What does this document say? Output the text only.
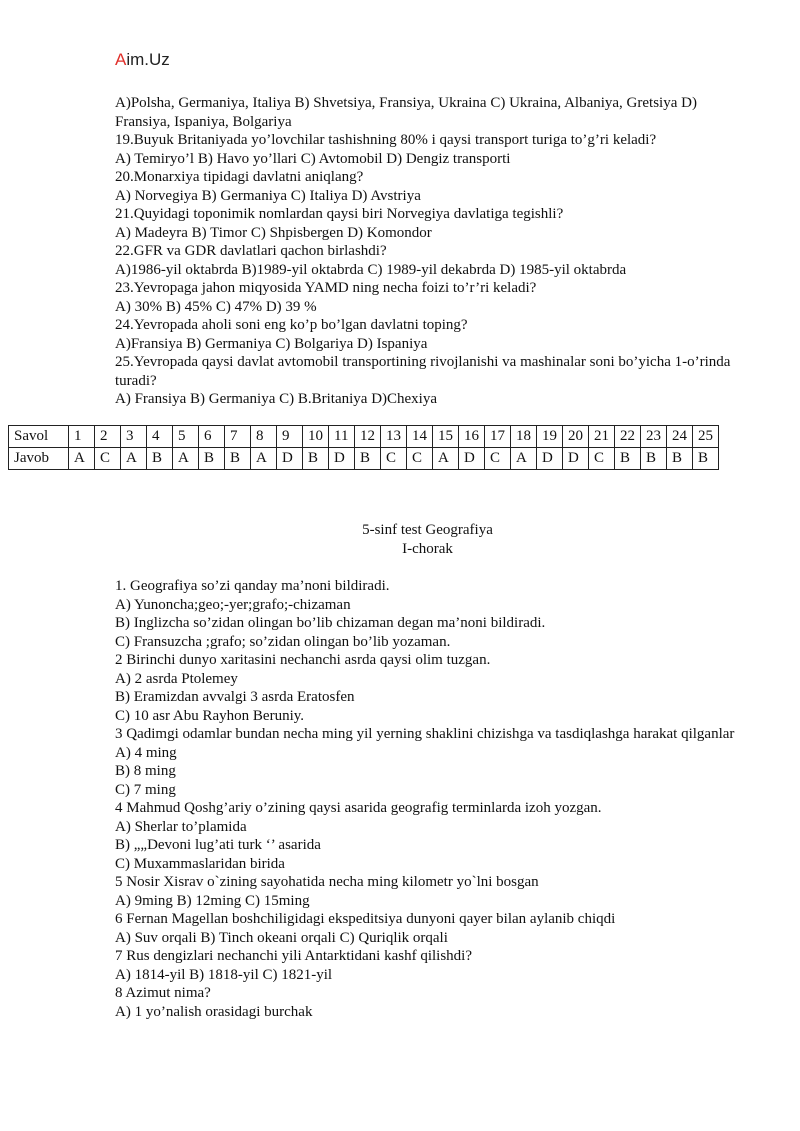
Aim.Uz
A)Polsha, Germaniya, Italiya B) Shvetsiya, Fransiya, Ukraina C) Ukraina, Albaniya, Gretsiya D) Fransiya, Ispaniya, Bolgariya
19.Buyuk Britaniyada yo’lovchilar tashishning 80% i qaysi transport turiga to’g’ri keladi?
A) Temiryo’l B) Havo yo’llari C) Avtomobil D) Dengiz transporti
20.Monarxiya tipidagi davlatni aniqlang?
A) Norvegiya B) Germaniya C) Italiya D) Avstriya
21.Quyidagi toponimik nomlardan qaysi biri Norvegiya davlatiga tegishli?
A) Madeyra B) Timor C) Shpisbergen D) Komondor
22.GFR va GDR davlatlari qachon birlashdi?
A)1986-yil oktabrda B)1989-yil oktabrda C) 1989-yil dekabrda D) 1985-yil oktabrda
23.Yevropaga jahon miqyosida YAMD ning necha foizi to’r’ri keladi?
A) 30% B) 45% C) 47% D) 39 %
24.Yevropada aholi soni eng ko’p bo’lgan davlatni toping?
A)Fransiya B) Germaniya C) Bolgariya D) Ispaniya
25.Yevropada qaysi davlat avtomobil transportining rivojlanishi va mashinalar soni bo’yicha 1-o’rinda turadi?
A) Fransiya B) Germaniya C) B.Britaniya D)Chexiya
Savol	1	2	3	4	5	6	7	8	9	10	11	12	13	14	15	16	17	18	19	20	21	22	23	24	25
Javob	A	C	A	B	A	B	B	A	D	B	D	B	C	C	A	D	C	A	D	D	C	B	B	B	B
5-sinf test Geografiya
I-chorak
1. Geografiya so’zi qanday ma’noni bildiradi.
A) Yunoncha;geo;-yer;grafo;-chizaman
B) Inglizcha so’zidan olingan bo’lib chizaman degan ma’noni bildiradi.
C) Fransuzcha ;grafo; so’zidan olingan bo’lib yozaman.
2 Birinchi dunyo xaritasini nechanchi asrda qaysi olim tuzgan.
A) 2 asrda Ptolemey
B) Eramizdan avvalgi 3 asrda Eratosfen
C) 10 asr Abu Rayhon Beruniy.
3 Qadimgi odamlar bundan necha ming yil yerning shaklini chizishga va tasdiqlashga harakat qilganlar
A) 4 ming
B) 8 ming
C) 7 ming
4 Mahmud Qoshg’ariy o’zining qaysi asarida geografig terminlarda izoh yozgan.
A) Sherlar to’plamida
B) „„Devoni lug’ati turk ‘’ asarida
C) Muxammaslaridan birida
5 Nosir Xisrav o`zining sayohatida necha ming kilometr yo`lni bosgan
A) 9ming B) 12ming C) 15ming
6 Fernan Magellan boshchiligidagi ekspeditsiya dunyoni qayer bilan aylanib chiqdi
A) Suv orqali B) Tinch okeani orqali C) Quriqlik orqali
7 Rus dengizlari nechanchi yili Antarktidani kashf qilishdi?
A) 1814-yil B) 1818-yil C) 1821-yil
8 Azimut nima?
A) 1 yo’nalish orasidagi burchak
